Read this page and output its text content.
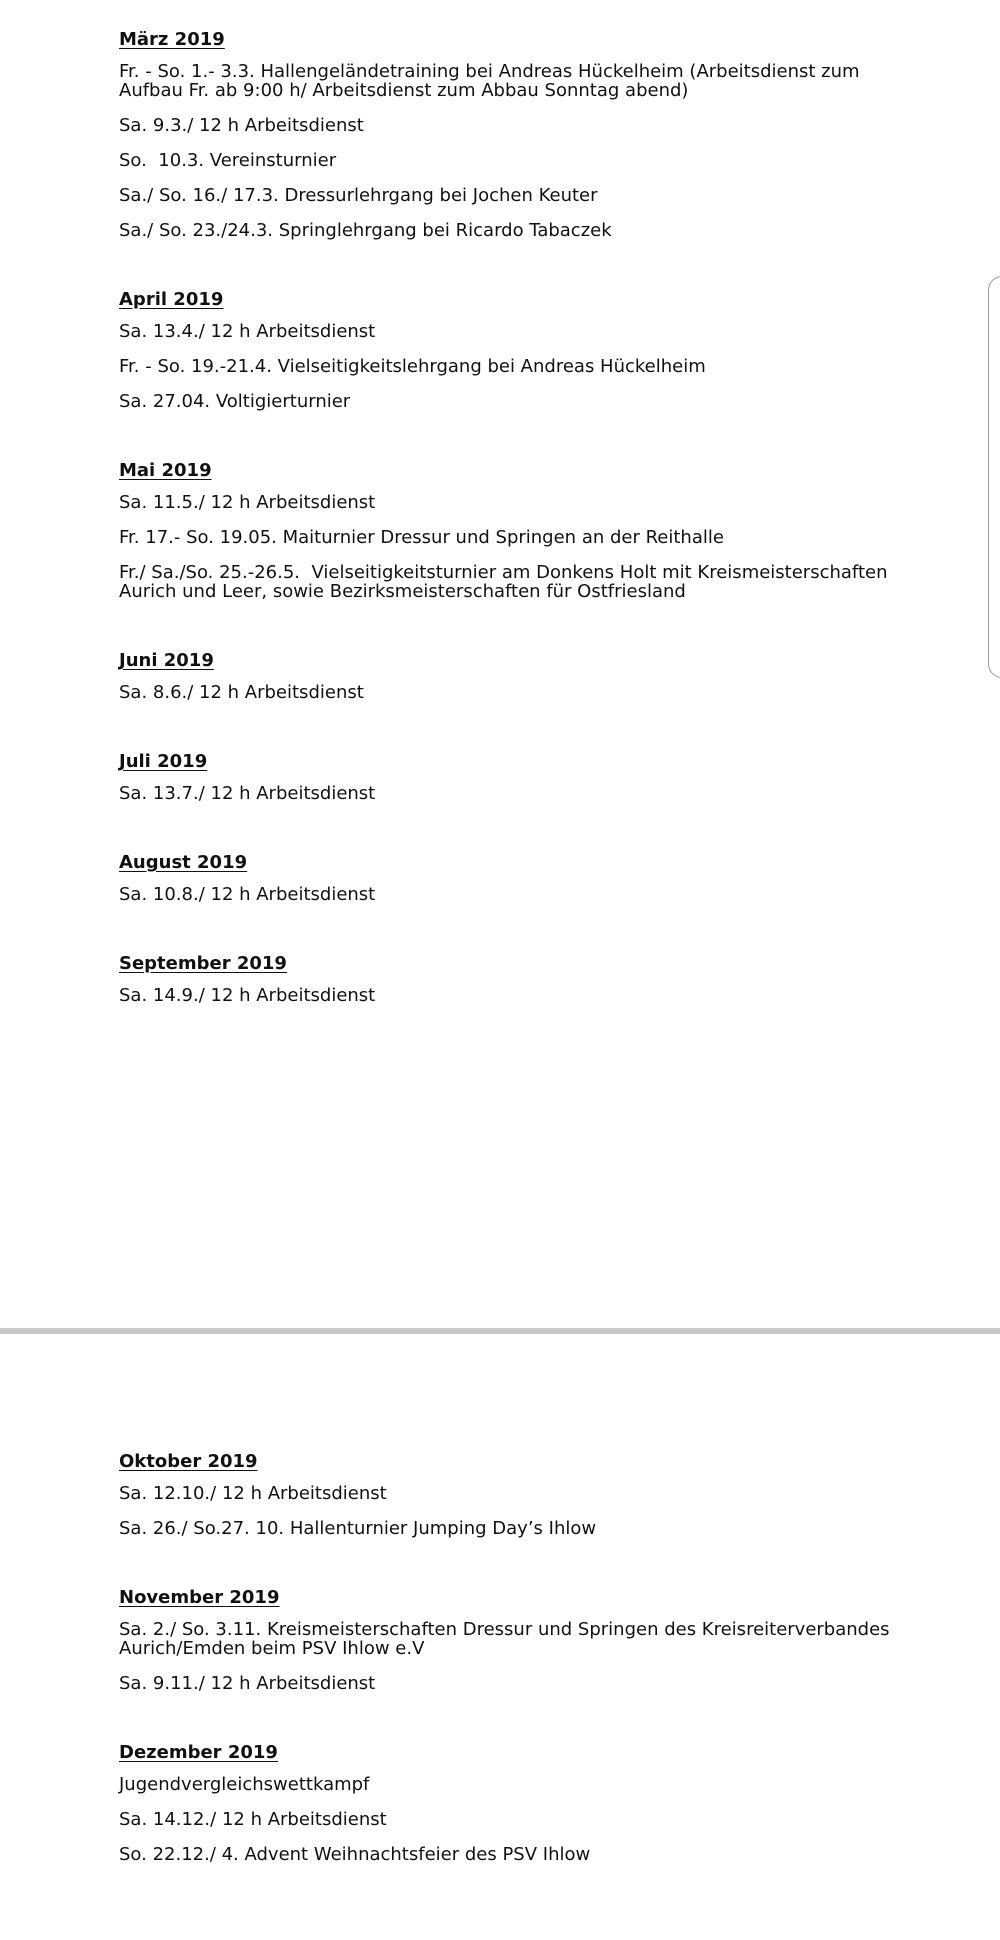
März 2019
Fr. - So. 1.- 3.3. Hallengeländetraining bei Andreas Hückelheim (Arbeitsdienst zum
Aufbau Fr. ab 9:00 h/ Arbeitsdienst zum Abbau Sonntag abend)
Sa. 9.3./ 12 h Arbeitsdienst
So.  10.3. Vereinsturnier
Sa./ So. 16./ 17.3. Dressurlehrgang bei Jochen Keuter
Sa./ So. 23./24.3. Springlehrgang bei Ricardo Tabaczek
April 2019
Sa. 13.4./ 12 h Arbeitsdienst
Fr. - So. 19.-21.4. Vielseitigkeitslehrgang bei Andreas Hückelheim
Sa. 27.04. Voltigierturnier
Mai 2019
Sa. 11.5./ 12 h Arbeitsdienst
Fr. 17.- So. 19.05. Maiturnier Dressur und Springen an der Reithalle
Fr./ Sa./So. 25.-26.5.  Vielseitigkeitsturnier am Donkens Holt mit Kreismeisterschaften
Aurich und Leer, sowie Bezirksmeisterschaften für Ostfriesland
Juni 2019
Sa. 8.6./ 12 h Arbeitsdienst
Juli 2019
Sa. 13.7./ 12 h Arbeitsdienst
August 2019
Sa. 10.8./ 12 h Arbeitsdienst
September 2019
Sa. 14.9./ 12 h Arbeitsdienst
Oktober 2019
Sa. 12.10./ 12 h Arbeitsdienst
Sa. 26./ So.27. 10. Hallenturnier Jumping Day’s Ihlow
November 2019
Sa. 2./ So. 3.11. Kreismeisterschaften Dressur und Springen des Kreisreiterverbandes
Aurich/Emden beim PSV Ihlow e.V
Sa. 9.11./ 12 h Arbeitsdienst
Dezember 2019
Jugendvergleichswettkampf
Sa. 14.12./ 12 h Arbeitsdienst
So. 22.12./ 4. Advent Weihnachtsfeier des PSV Ihlow
